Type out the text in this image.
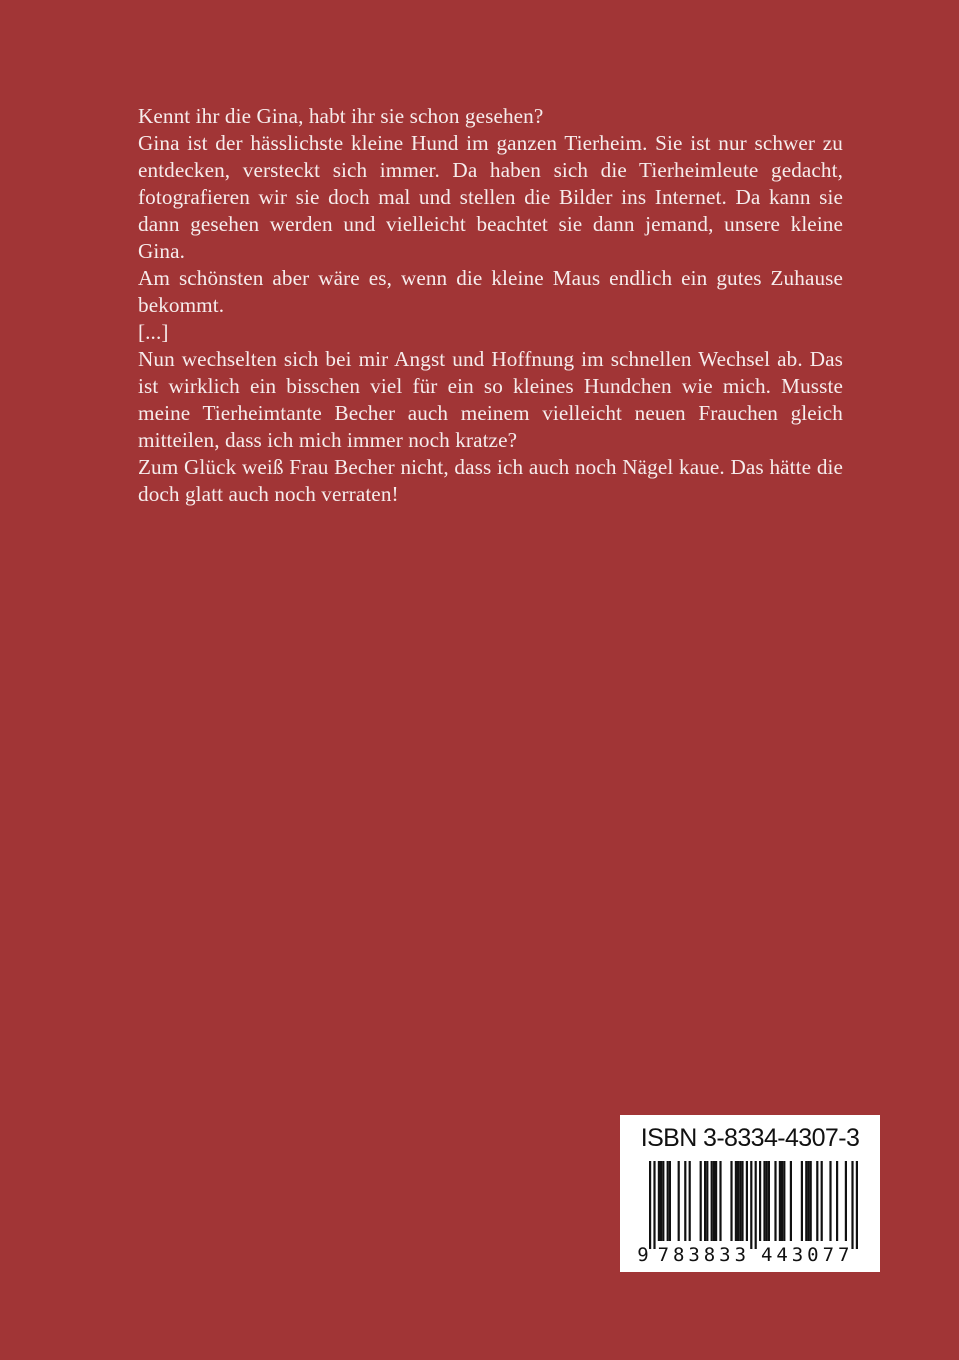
Kennt ihr die Gina, habt ihr sie schon gesehen?

Gina ist der hässlichste kleine Hund im ganzen Tierheim. Sie ist nur schwer zu entdecken, versteckt sich immer. Da haben sich die Tierheimleute gedacht, fotografieren wir sie doch mal und stellen die Bilder ins Internet. Da kann sie dann gesehen werden und vielleicht beachtet sie dann jemand, unsere kleine Gina.

Am schönsten aber wäre es, wenn die kleine Maus endlich ein gutes Zuhause bekommt.

[...]

Nun wechselten sich bei mir Angst und Hoffnung im schnellen Wechsel ab. Das ist wirklich ein bisschen viel für ein so kleines Hundchen wie mich. Musste meine Tierheimtante Becher auch meinem vielleicht neuen Frauchen gleich mitteilen, dass ich mich immer noch kratze?

Zum Glück weiß Frau Becher nicht, dass ich auch noch Nägel kaue. Das hätte die doch glatt auch noch verraten!

ISBN 3-8334-4307-3
9 7 8 3 8 3 3 4 4 3 0 7 7
